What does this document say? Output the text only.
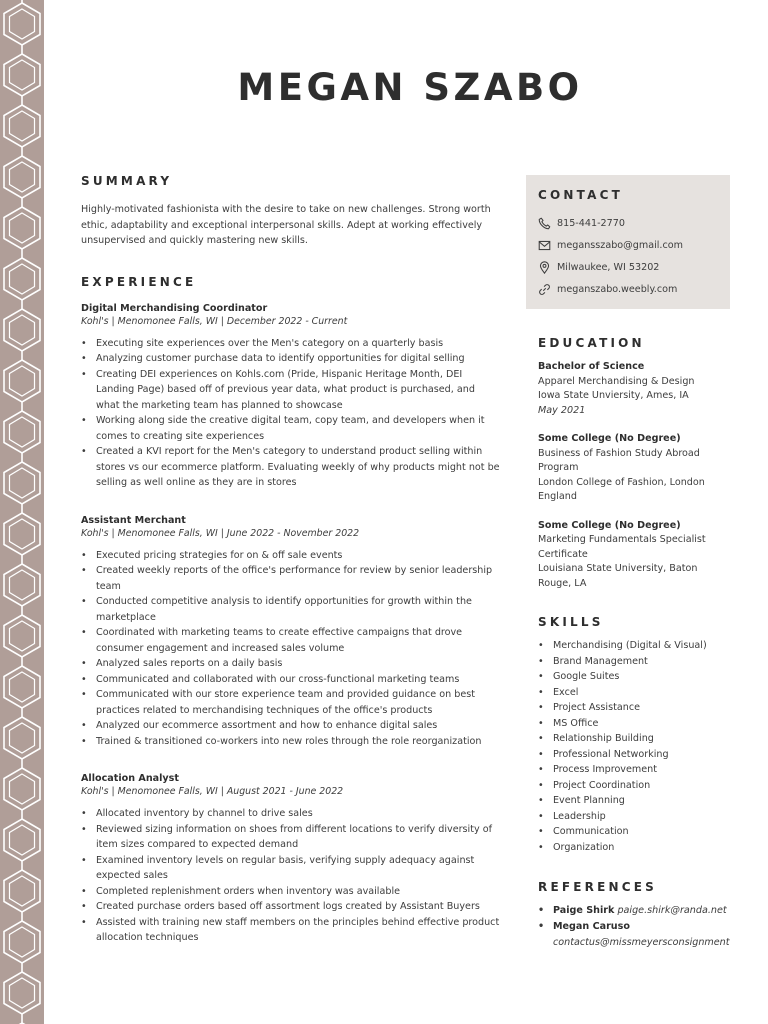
MEGAN SZABO
SUMMARY
Highly-motivated fashionista with the desire to take on new challenges. Strong worth ethic, adaptability and exceptional interpersonal skills. Adept at working effectively unsupervised and quickly mastering new skills.
EXPERIENCE
Digital Merchandising Coordinator
Kohl's | Menomonee Falls, WI | December 2022 - Current
• Executing site experiences over the Men's category on a quarterly basis
• Analyzing customer purchase data to identify opportunities for digital selling
• Creating DEI experiences on Kohls.com (Pride, Hispanic Heritage Month, DEI Landing Page) based off of previous year data, what product is purchased, and what the marketing team has planned to showcase
• Working along side the creative digital team, copy team, and developers when it comes to creating site experiences
• Created a KVI report for the Men's category to understand product selling within stores vs our ecommerce platform. Evaluating weekly of why products might not be selling as well online as they are in stores
Assistant Merchant
Kohl's | Menomonee Falls, WI | June 2022 - November 2022
• Executed pricing strategies for on & off sale events
• Created weekly reports of the office's performance for review by senior leadership team
• Conducted competitive analysis to identify opportunities for growth within the marketplace
• Coordinated with marketing teams to create effective campaigns that drove consumer engagement and increased sales volume
• Analyzed sales reports on a daily basis
• Communicated and collaborated with our cross-functional marketing teams
• Communicated with our store experience team and provided guidance on best practices related to merchandising techniques of the office's products
• Analyzed our ecommerce assortment and how to enhance digital sales
• Trained & transitioned co-workers into new roles through the role reorganization
Allocation Analyst
Kohl's | Menomonee Falls, WI | August 2021 - June 2022
• Allocated inventory by channel to drive sales
• Reviewed sizing information on shoes from different locations to verify diversity of item sizes compared to expected demand
• Examined inventory levels on regular basis, verifying supply adequacy against expected sales
• Completed replenishment orders when inventory was available
• Created purchase orders based off assortment logs created by Assistant Buyers
• Assisted with training new staff members on the principles behind effective product allocation techniques
CONTACT
815-441-2770
megansszabo@gmail.com
Milwaukee, WI 53202
meganszabo.weebly.com
EDUCATION
Bachelor of Science
Apparel Merchandising & Design
Iowa State Unviersity, Ames, IA
May 2021
Some College (No Degree)
Business of Fashion Study Abroad
Program
London College of Fashion, London
England
Some College (No Degree)
Marketing Fundamentals Specialist
Certificate
Louisiana State University, Baton
Rouge, LA
SKILLS
• Merchandising (Digital & Visual)
• Brand Management
• Google Suites
• Excel
• Project Assistance
• MS Office
• Relationship Building
• Professional Networking
• Process Improvement
• Project Coordination
• Event Planning
• Leadership
• Communication
• Organization
REFERENCES
• Paige Shirk paige.shirk@randa.net
• Megan Caruso
contactus@missmeyersconsignment
